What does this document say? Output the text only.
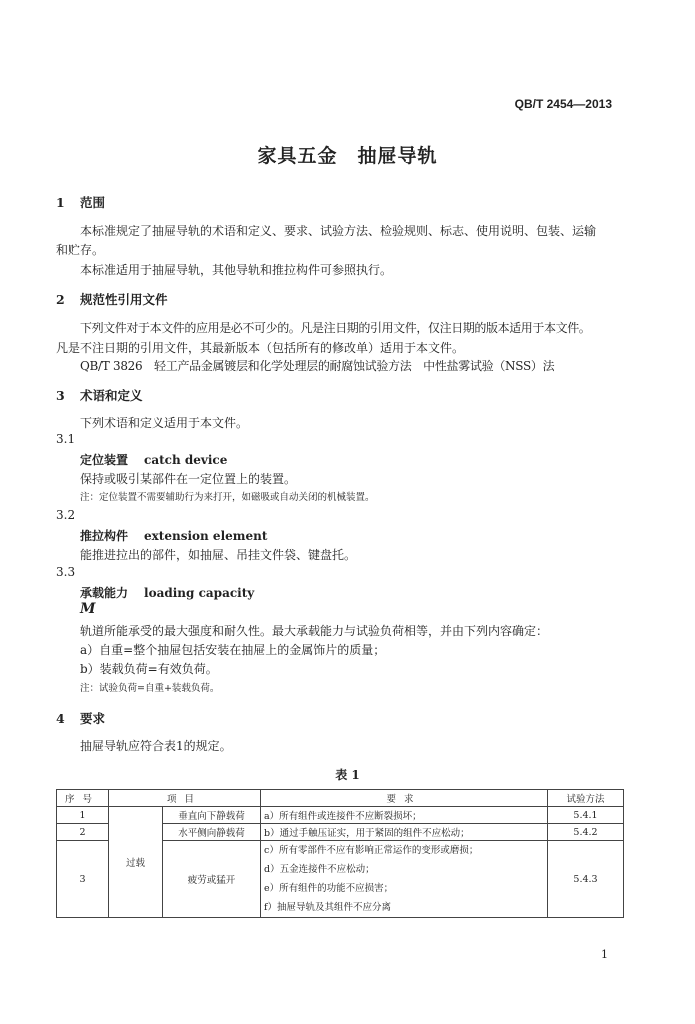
QB/T 2454—2013
家具五金　抽屉导轨
1 范围
本标准规定了抽屉导轨的术语和定义、要求、试验方法、检验规则、标志、使用说明、包装、运输
和贮存。
本标准适用于抽屉导轨，其他导轨和推拉构件可参照执行。
2 规范性引用文件
下列文件对于本文件的应用是必不可少的。凡是注日期的引用文件，仅注日期的版本适用于本文件。
凡是不注日期的引用文件，其最新版本（包括所有的修改单）适用于本文件。
QB/T 3826　轻工产品金属镀层和化学处理层的耐腐蚀试验方法　中性盐雾试验（NSS）法
3 术语和定义
下列术语和定义适用于本文件。
3.1
定位装置 catch device
保持或吸引某部件在一定位置上的装置。
注：定位装置不需要辅助行为来打开，如磁吸或自动关闭的机械装置。
3.2
推拉构件 extension element
能推进拉出的部件，如抽屉、吊挂文件袋、键盘托。
3.3
承载能力 loading capacity
M
轨道所能承受的最大强度和耐久性。最大承载能力与试验负荷相等，并由下列内容确定：
a）自重=整个抽屉包括安装在抽屉上的金属饰片的质量；
b）装载负荷=有效负荷。
注：试验负荷=自重+装载负荷。
4 要求
抽屉导轨应符合表1的规定。
表 1
序号	项目		要求	试验方法
1	过载	垂直向下静载荷	a）所有组件或连接件不应断裂损坏；	5.4.1
2		水平侧向静载荷	b）通过手触压证实，用于紧固的组件不应松动；	5.4.2
3		疲劳或猛开	c）所有零部件不应有影响正常运作的变形或磨损；
d）五金连接件不应松动；
e）所有组件的功能不应损害；
f）抽屉导轨及其组件不应分离	5.4.3
1
